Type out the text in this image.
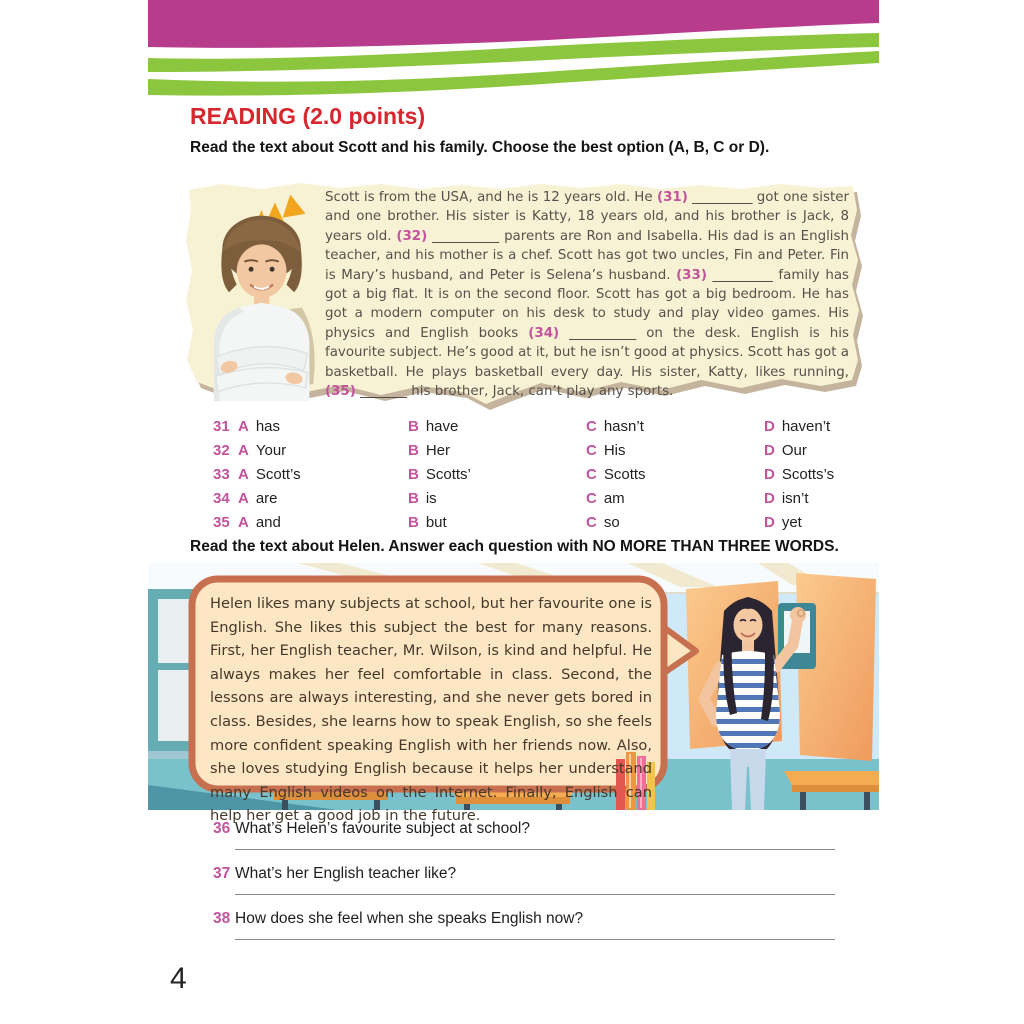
READING (2.0 points)
Read the text about Scott and his family. Choose the best option (A, B, C or D).
Scott is from the USA, and he is 12 years old. He (31) _________ got one sister and one brother. His sister is Katty, 18 years old, and his brother is Jack, 8 years old. (32) __________ parents are Ron and Isabella. His dad is an English teacher, and his mother is a chef. Scott has got two uncles, Fin and Peter. Fin is Mary’s husband, and Peter is Selena’s husband. (33) _________ family has got a big flat. It is on the second floor. Scott has got a big bedroom. He has got a modern computer on his desk to study and play video games. His physics and English books (34) __________ on the desk. English is his favourite subject. He’s good at it, but he isn’t good at physics. Scott has got a basketball. He plays basketball every day. His sister, Katty, likes running, (35) _______ his brother, Jack, can’t play any sports.
31 A has	B have	C hasn’t	D haven’t
32 A Your	B Her	C His	D Our
33 A Scott’s	B Scotts’	C Scotts	D Scotts’s
34 A are	B is	C am	D isn’t
35 A and	B but	C so	D yet
Read the text about Helen. Answer each question with NO MORE THAN THREE WORDS.
Helen likes many subjects at school, but her favourite one is English. She likes this subject the best for many reasons. First, her English teacher, Mr. Wilson, is kind and helpful. He always makes her feel comfortable in class. Second, the lessons are always interesting, and she never gets bored in class. Besides, she learns how to speak English, so she feels more confident speaking English with her friends now. Also, she loves studying English because it helps her understand many English videos on the Internet. Finally, English can help her get a good job in the future.
36 What’s Helen’s favourite subject at school?
37 What’s her English teacher like?
38 How does she feel when she speaks English now?
4
